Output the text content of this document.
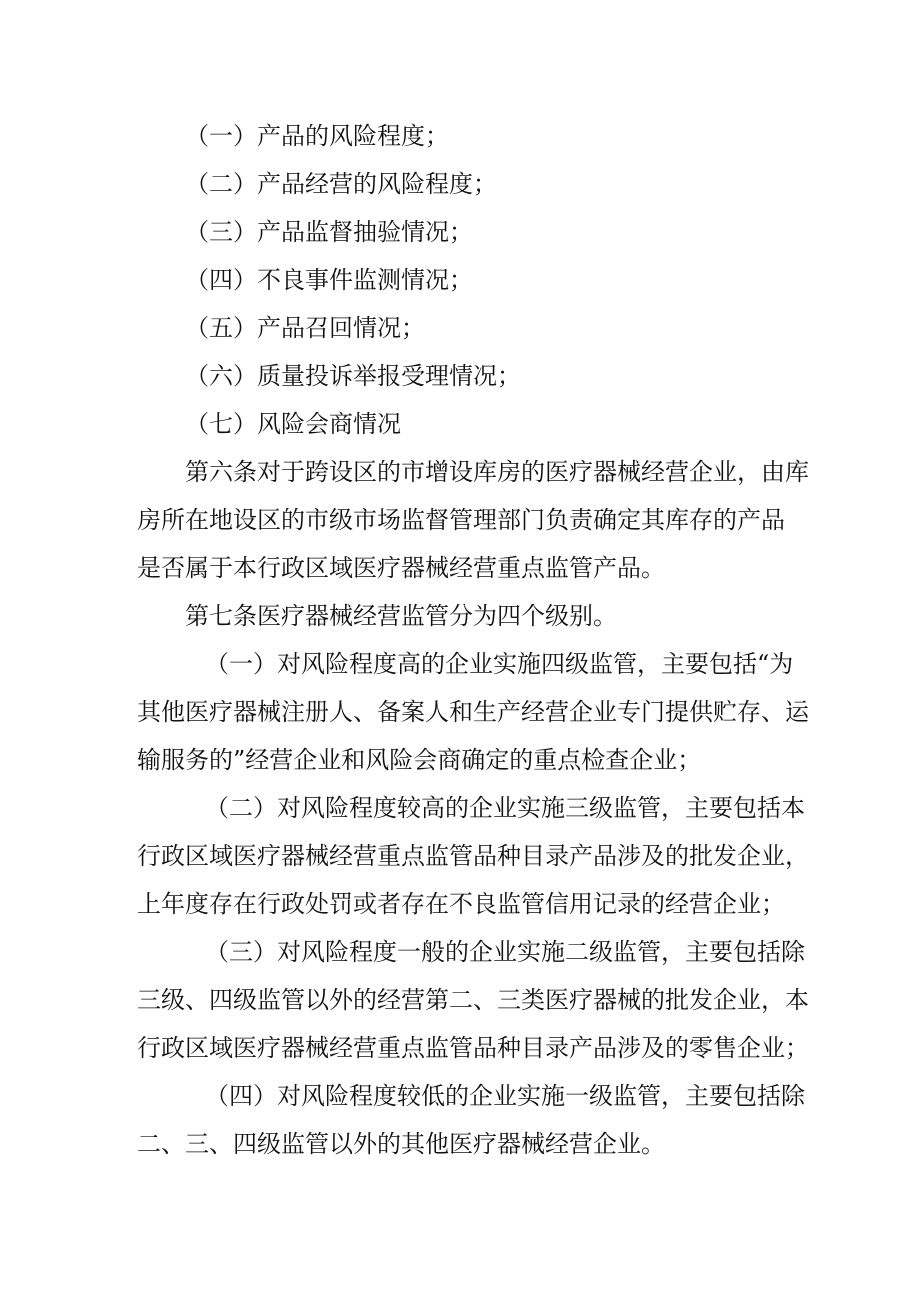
（一）产品的风险程度；
（二）产品经营的风险程度；
（三）产品监督抽验情况；
（四）不良事件监测情况；
（五）产品召回情况；
（六）质量投诉举报受理情况；
（七）风险会商情况
第六条对于跨设区的市增设库房的医疗器械经营企业，由库
房所在地设区的市级市场监督管理部门负责确定其库存的产品
是否属于本行政区域医疗器械经营重点监管产品。
第七条医疗器械经营监管分为四个级别。
（一）对风险程度高的企业实施四级监管，主要包括“为
其他医疗器械注册人、备案人和生产经营企业专门提供贮存、运
输服务的”经营企业和风险会商确定的重点检查企业；
（二）对风险程度较高的企业实施三级监管，主要包括本
行政区域医疗器械经营重点监管品种目录产品涉及的批发企业，
上年度存在行政处罚或者存在不良监管信用记录的经营企业；
（三）对风险程度一般的企业实施二级监管，主要包括除
三级、四级监管以外的经营第二、三类医疗器械的批发企业，本
行政区域医疗器械经营重点监管品种目录产品涉及的零售企业；
（四）对风险程度较低的企业实施一级监管，主要包括除
二、三、四级监管以外的其他医疗器械经营企业。
